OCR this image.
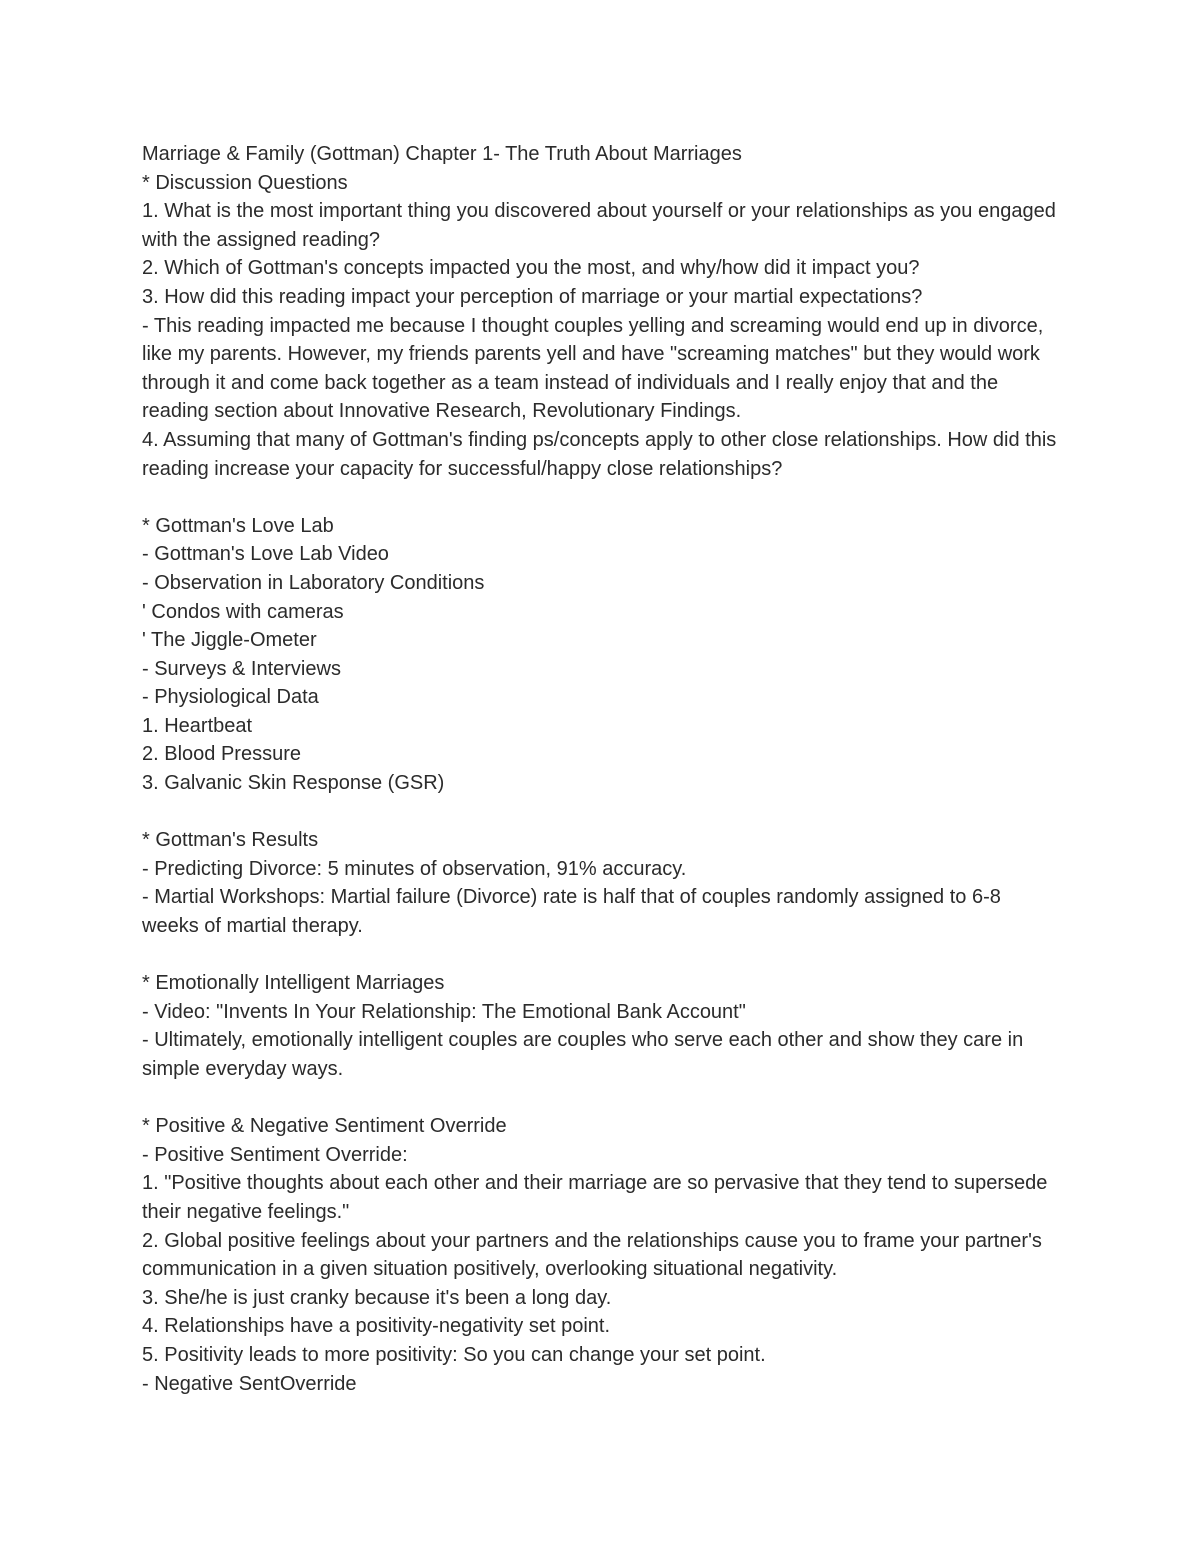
Marriage & Family (Gottman) Chapter 1- The Truth About Marriages

* Discussion Questions

1. What is the most important thing you discovered about yourself or your relationships as you engaged with the assigned reading?

2. Which of Gottman's concepts impacted you the most, and why/how did it impact you?

3. How did this reading impact your perception of marriage or your martial expectations?

- This reading impacted me because I thought couples yelling and screaming would end up in divorce, like my parents. However, my friends parents yell and have "screaming matches" but they would work through it and come back together as a team instead of individuals and I really enjoy that and the reading section about Innovative Research, Revolutionary Findings.

4. Assuming that many of Gottman's finding ps/concepts apply to other close relationships. How did this reading increase your capacity for successful/happy close relationships?

* Gottman's Love Lab

- Gottman's Love Lab Video

- Observation in Laboratory Conditions

' Condos with cameras

' The Jiggle-Ometer

- Surveys & Interviews

- Physiological Data

1. Heartbeat

2. Blood Pressure

3. Galvanic Skin Response (GSR)

* Gottman's Results

- Predicting Divorce: 5 minutes of observation, 91% accuracy.

- Martial Workshops: Martial failure (Divorce) rate is half that of couples randomly assigned to 6-8 weeks of martial therapy.

* Emotionally Intelligent Marriages

- Video: "Invents In Your Relationship: The Emotional Bank Account"

- Ultimately, emotionally intelligent couples are couples who serve each other and show they care in simple everyday ways.

* Positive & Negative Sentiment Override

- Positive Sentiment Override:

1. "Positive thoughts about each other and their marriage are so pervasive that they tend to supersede their negative feelings."

2. Global positive feelings about your partners and the relationships cause you to frame your partner's communication in a given situation positively, overlooking situational negativity.

3. She/he is just cranky because it's been a long day.

4. Relationships have a positivity-negativity set point.

5. Positivity leads to more positivity: So you can change your set point.

- Negative SentOverride
